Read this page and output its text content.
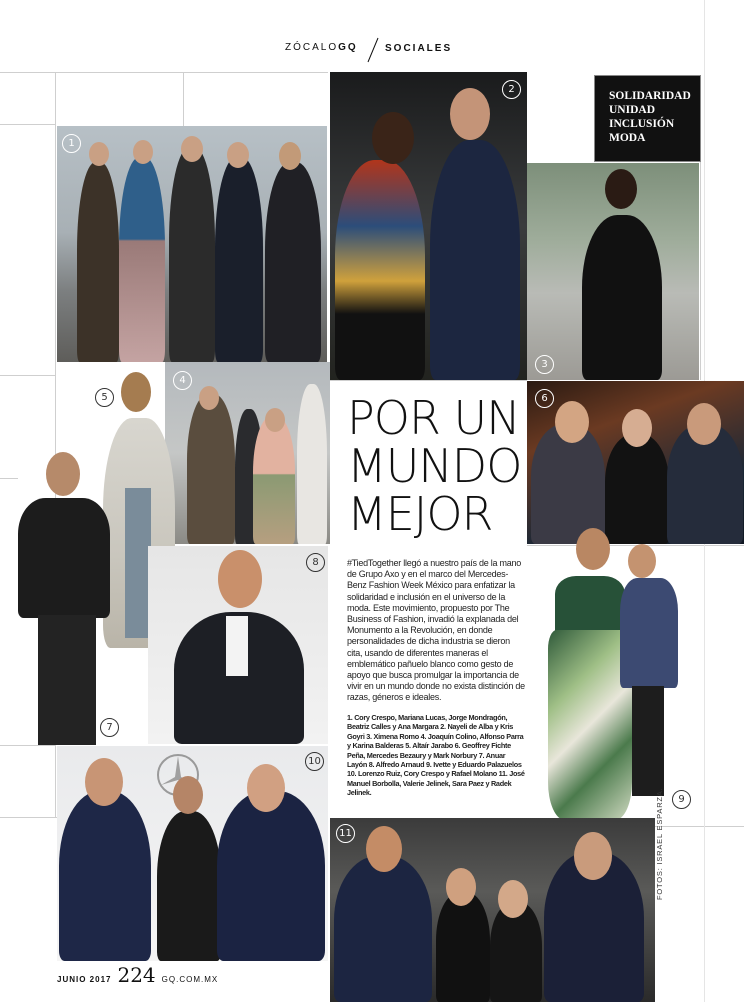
ZÓCALOGQ	SOCIALES
1
2
SOLIDARIDAD
UNIDAD
INCLUSIÓN
MODA
3
4
5
7
POR UN
MUNDO
MEJOR
#TiedTogether llegó a nuestro país de la mano de Grupo Axo y en el marco del Mercedes-Benz Fashion Week México para enfatizar la solidaridad e inclusión en el universo de la moda. Este movimiento, propuesto por The Business of Fashion, invadió la explanada del Monumento a la Revolución, en donde personalidades de dicha industria se dieron cita, usando de diferentes maneras el emblemático pañuelo blanco como gesto de apoyo que busca promulgar la importancia de vivir en un mundo donde no exista distinción de razas, géneros e ideales.
1. Cory Crespo, Mariana Lucas, Jorge Mondragón, Beatriz Calles y Ana Margara 2. Nayeli de Alba y Kris Goyri 3. Ximena Romo 4. Joaquín Colino, Alfonso Parra y Karina Balderas 5. Altaír Jarabo 6. Geoffrey Fichte Peña, Mercedes Bezaury y Mark Norbury 7. Anuar Layón 8. Alfredo Arnaud 9. Ivette y Eduardo Palazuelos 10. Lorenzo Ruiz, Cory Crespo y Rafael Molano 11. José Manuel Borbolla, Valerie Jelinek, Sara Paez y Radek Jelinek.
6
8
9
10
11	FOTOS: ISRAEL ESPARZA.
JUNIO 2017 224 GQ.COM.MX
